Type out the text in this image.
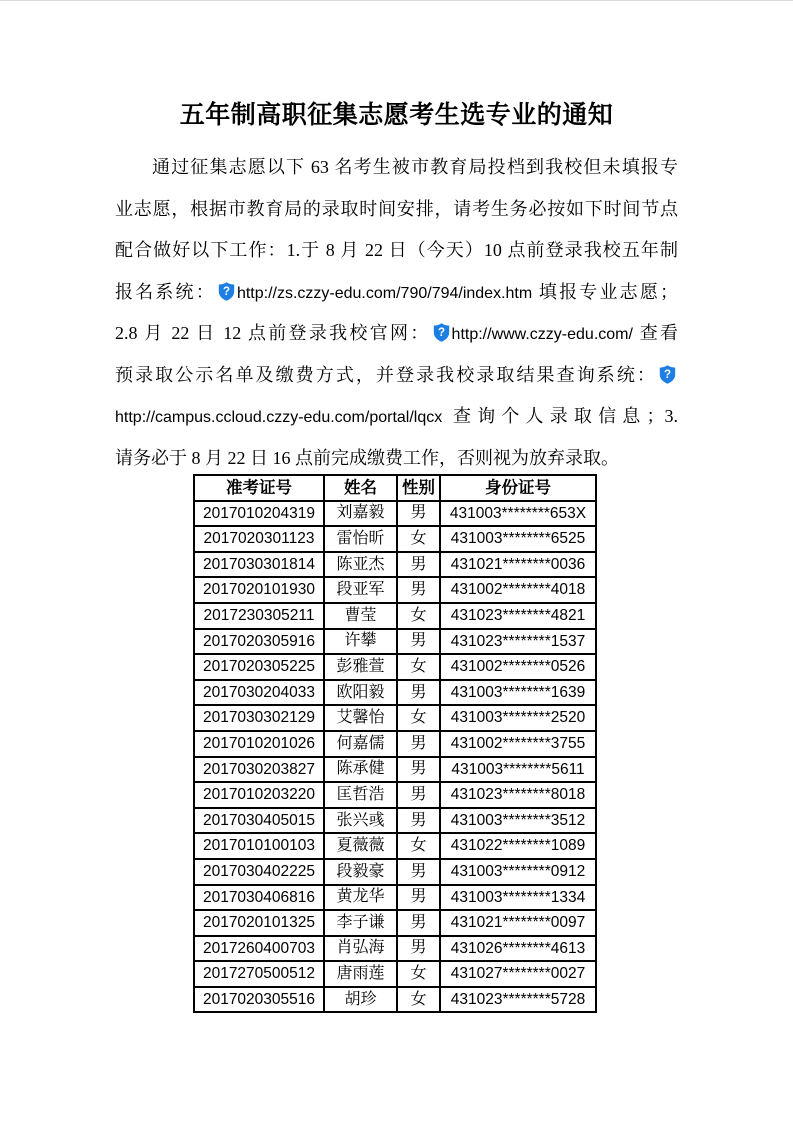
五年制高职征集志愿考生选专业的通知
通过征集志愿以下 63 名考生被市教育局投档到我校但未填报专
业志愿，根据市教育局的录取时间安排，请考生务必按如下时间节点
配合做好以下工作：1.于 8 月 22 日（今天）10 点前登录我校五年制
报名系统： ? http://zs.czzy-edu.com/790/794/index.htm 填报专业志愿；
2.8 月 22 日 12 点前登录我校官网： ? http://www.czzy-edu.com/ 查看
预录取公示名单及缴费方式，并登录我校录取结果查询系统： ?
http://campus.ccloud.czzy-edu.com/portal/lqcx 查询个人录取信息；3.
请务必于 8 月 22 日 16 点前完成缴费工作，否则视为放弃录取。
准考证号	姓名	性别	身份证号
2017010204319	刘嘉毅	男	431003********653X
2017020301123	雷怡昕	女	431003********6525
2017030301814	陈亚杰	男	431021********0036
2017020101930	段亚军	男	431002********4018
2017230305211	曹莹	女	431023********4821
2017020305916	许攀	男	431023********1537
2017020305225	彭雅萱	女	431002********0526
2017030204033	欧阳毅	男	431003********1639
2017030302129	艾馨怡	女	431003********2520
2017010201026	何嘉儒	男	431002********3755
2017030203827	陈承健	男	431003********5611
2017010203220	匡哲浩	男	431023********8018
2017030405015	张兴彧	男	431003********3512
2017010100103	夏薇薇	女	431022********1089
2017030402225	段毅豪	男	431003********0912
2017030406816	黄龙华	男	431003********1334
2017020101325	李子谦	男	431021********0097
2017260400703	肖弘海	男	431026********4613
2017270500512	唐雨莲	女	431027********0027
2017020305516	胡珍	女	431023********5728
